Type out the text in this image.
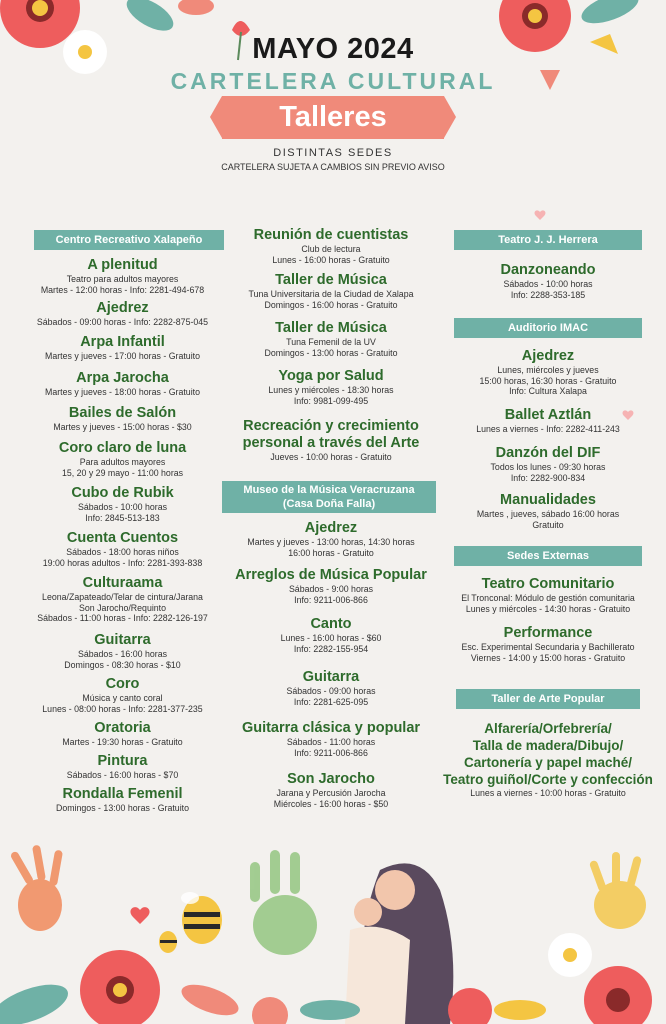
MAYO 2024
CARTELERA CULTURAL
Talleres
DISTINTAS SEDES
CARTELERA SUJETA A CAMBIOS SIN PREVIO AVISO
Centro Recreativo Xalapeño
A plenitud
Teatro para adultos mayores
Martes - 12:00 horas - Info: 2281-494-678
Ajedrez
Sábados - 09:00 horas - Info: 2282-875-045
Arpa Infantil
Martes y jueves - 17:00 horas - Gratuito
Arpa Jarocha
Martes y jueves - 18:00 horas - Gratuito
Bailes de Salón
Martes y jueves - 15:00 horas - $30
Coro claro de luna
Para adultos mayores
15, 20 y 29 mayo - 11:00 horas
Cubo de Rubik
Sábados - 10:00 horas
Info: 2845-513-183
Cuenta Cuentos
Sábados - 18:00 horas niños
19:00 horas adultos - Info: 2281-393-838
Culturaama
Leona/Zapateado/Telar de cintura/Jarana
Son Jarocho/Requinto
Sábados - 11:00 horas - Info: 2282-126-197
Guitarra
Sábados - 16:00 horas
Domingos - 08:30 horas - $10
Coro
Música y canto coral
Lunes - 08:00 horas - Info: 2281-377-235
Oratoria
Martes - 19:30 horas - Gratuito
Pintura
Sábados - 16:00 horas - $70
Rondalla Femenil
Domingos - 13:00 horas - Gratuito
Reunión de cuentistas
Club de lectura
Lunes - 16:00 horas - Gratuito
Taller de Música
Tuna Universitaria de la Ciudad de Xalapa
Domingos - 16:00 horas - Gratuito
Taller de Música
Tuna Femenil de la UV
Domingos - 13:00 horas - Gratuito
Yoga por Salud
Lunes y miércoles - 18:30 horas
Info: 9981-099-495
Recreación y crecimiento
personal a través del Arte
Jueves - 10:00 horas - Gratuito
Museo de la Música Veracruzana
(Casa Doña Falla)
Ajedrez
Martes y jueves - 13:00 horas, 14:30 horas
16:00 horas - Gratuito
Arreglos de Música Popular
Sábados - 9:00 horas
Info: 9211-006-866
Canto
Lunes - 16:00 horas - $60
Info: 2282-155-954
Guitarra
Sábados - 09:00 horas
Info: 2281-625-095
Guitarra clásica y popular
Sábados - 11:00 horas
Info: 9211-006-866
Son Jarocho
Jarana y Percusión Jarocha
Miércoles - 16:00 horas - $50
Teatro J. J. Herrera
Danzoneando
Sábados - 10:00 horas
Info: 2288-353-185
Auditorio IMAC
Ajedrez
Lunes, miércoles y jueves
15:00 horas, 16:30 horas - Gratuito
Info: Cultura Xalapa
Ballet Aztlán
Lunes a viernes - Info: 2282-411-243
Danzón del DIF
Todos los lunes - 09:30 horas
Info: 2282-900-834
Manualidades
Martes , jueves, sábado 16:00 horas
Gratuito
Sedes Externas
Teatro Comunitario
El Tronconal: Módulo de gestión comunitaria
Lunes y miércoles - 14:30 horas - Gratuito
Performance
Esc. Experimental Secundaria y Bachillerato
Viernes - 14:00 y 15:00 horas - Gratuito
Taller de Arte Popular
Alfarería/Orfebrería/
Talla de madera/Dibujo/
Cartonería y papel maché/
Teatro guiñol/Corte y confección
Lunes a viernes - 10:00 horas - Gratuito
